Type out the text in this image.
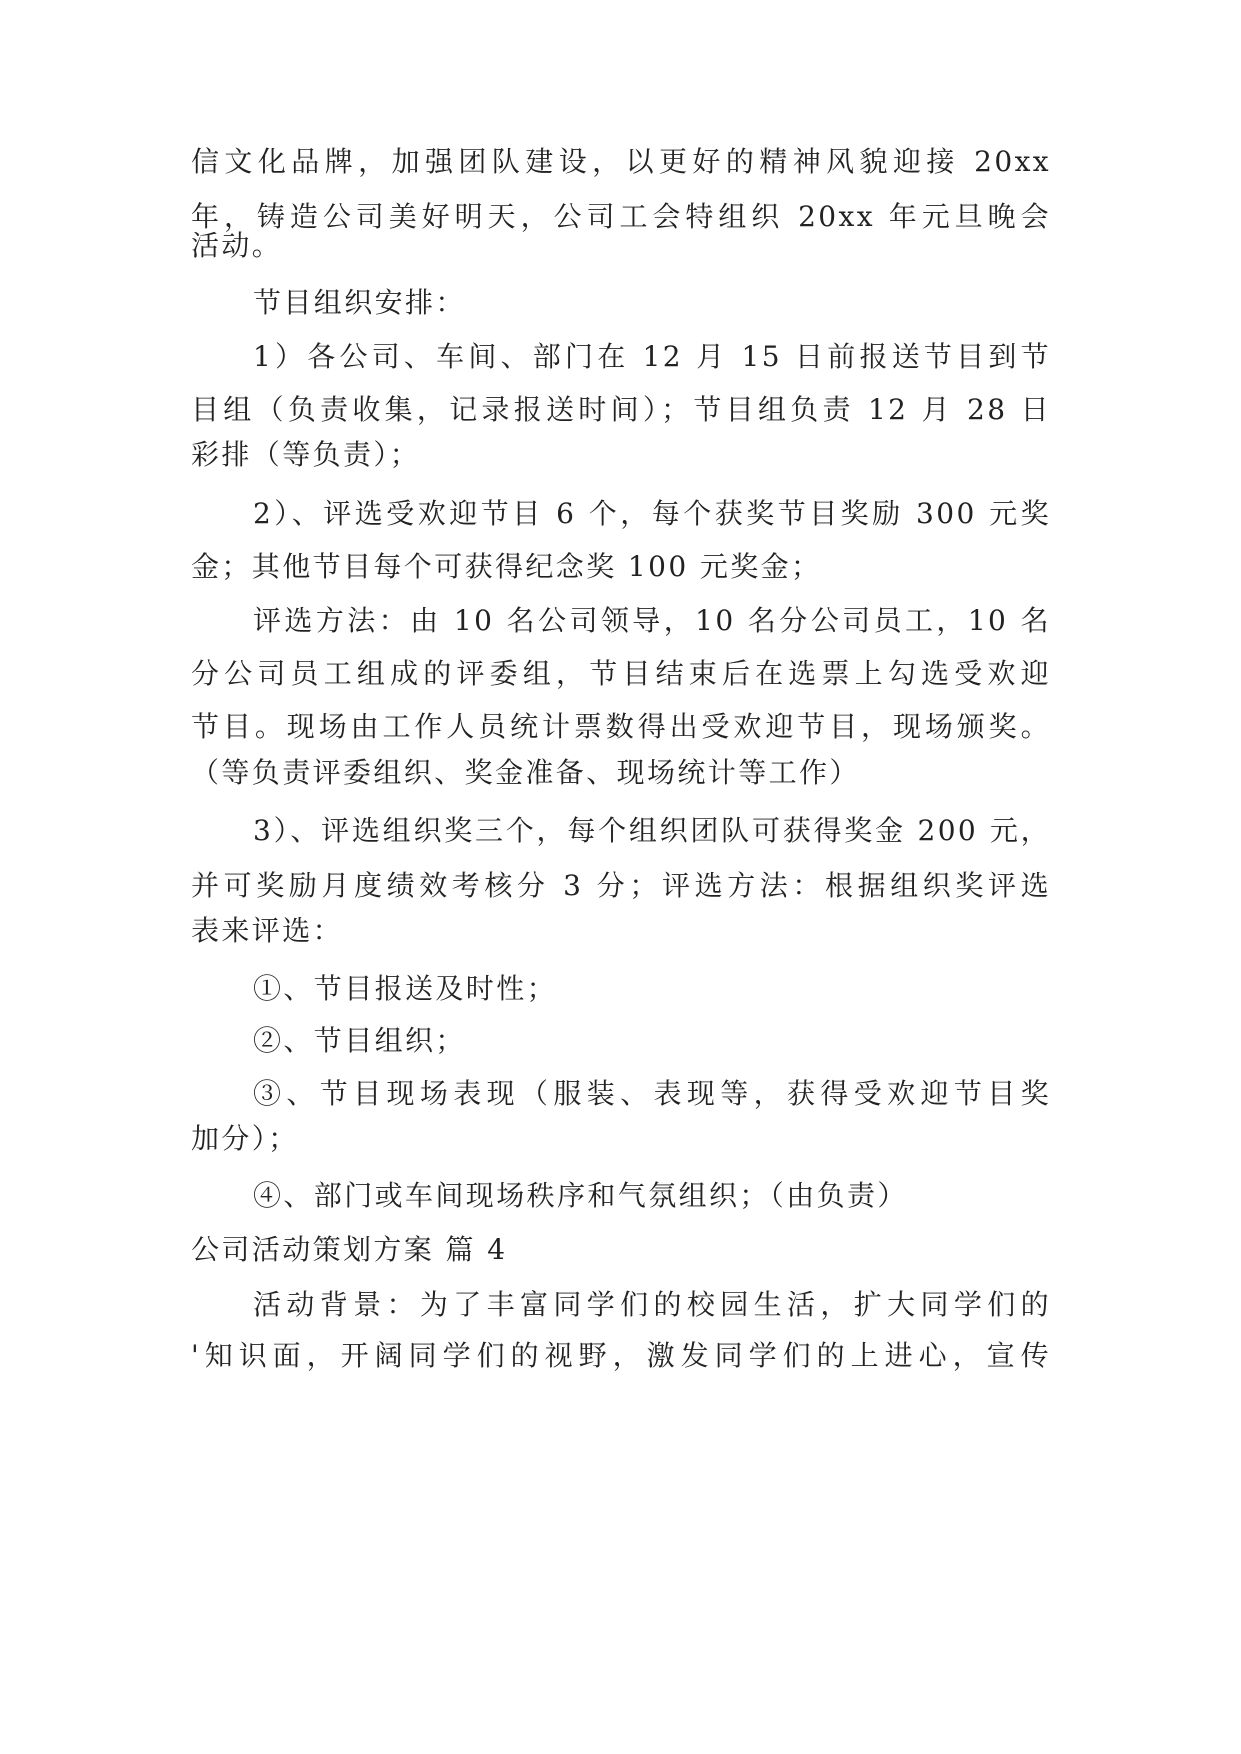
信文化品牌，加强团队建设，以更好的精神风貌迎接 20xx
年，铸造公司美好明天，公司工会特组织 20xx 年元旦晚会
活动。
节目组织安排：
1）各公司、车间、部门在 12 月 15 日前报送节目到节
目组（负责收集，记录报送时间）；节目组负责 12 月 28 日
彩排（等负责）；
2）、评选受欢迎节目 6 个，每个获奖节目奖励 300 元奖
金；其他节目每个可获得纪念奖 100 元奖金；
评选方法：由 10 名公司领导，10 名分公司员工，10 名
分公司员工组成的评委组，节目结束后在选票上勾选受欢迎
节目。现场由工作人员统计票数得出受欢迎节目，现场颁奖。
（等负责评委组织、奖金准备、现场统计等工作）
3）、评选组织奖三个，每个组织团队可获得奖金 200 元，
并可奖励月度绩效考核分 3 分；评选方法：根据组织奖评选
表来评选：
①、节目报送及时性；
②、节目组织；
③、节目现场表现（服装、表现等，获得受欢迎节目奖
加分）；
④、部门或车间现场秩序和气氛组织；（由负责）
公司活动策划方案 篇 4
活动背景：为了丰富同学们的校园生活，扩大同学们的
'知识面，开阔同学们的视野，激发同学们的上进心，宣传
